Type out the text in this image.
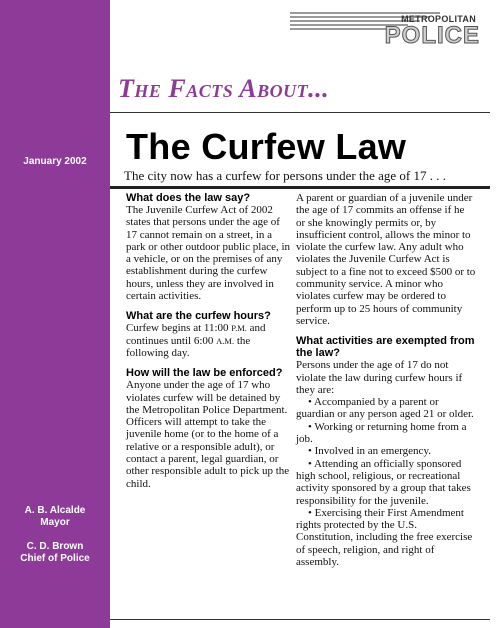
January 2002
A. B. Alcalde
Mayor
C. D. Brown
Chief of Police
METROPOLITAN
POLICE
Know The Facts About...
The Curfew Law
The city now has a curfew for persons under the age of 17 . . .

What does the law say?

The Juvenile Curfew Act of 2002 states that persons under the age of 17 cannot remain on a street, in a park or other outdoor public place, in a vehicle, or on the premises of any establishment during the curfew hours, unless they are involved in certain activities.

What are the curfew hours?

Curfew begins at 11:00 P.M. and continues until 6:00 A.M. the following day.

How will the law be enforced?

Anyone under the age of 17 who violates curfew will be detained by the Metropolitan Police Department. Officers will attempt to take the juvenile home (or to the home of a relative or a responsible adult), or contact a parent, legal guardian, or other responsible adult to pick up the child.

A parent or guardian of a juvenile under the age of 17 commits an offense if he or she knowingly permits or, by insufficient control, allows the minor to violate the curfew law. Any adult who violates the Juvenile Curfew Act is subject to a fine not to exceed $500 or to community service. A minor who violates curfew may be ordered to perform up to 25 hours of community service.

What activities are exempted from the law?

Persons under the age of 17 do not violate the law during curfew hours if they are:

• Accompanied by a parent or guardian or any person aged 21 or older.

• Working or returning home from a job.

• Involved in an emergency.

• Attending an officially sponsored high school, religious, or recreational activity sponsored by a group that takes responsibility for the juvenile.

• Exercising their First Amendment rights protected by the U.S. Constitution, including the free exercise of speech, religion, and right of assembly.
